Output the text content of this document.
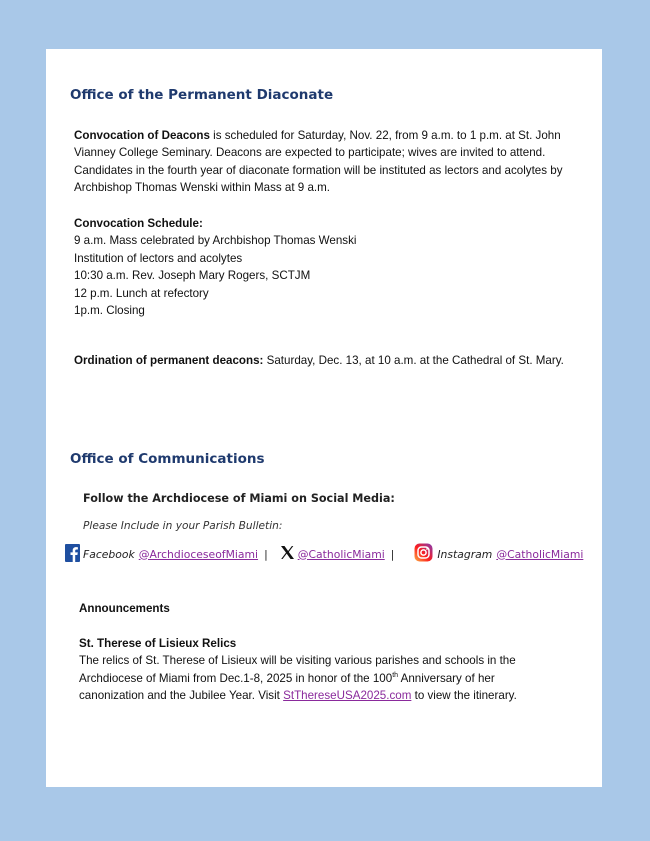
Office of the Permanent Diaconate
Convocation of Deacons is scheduled for Saturday, Nov. 22, from 9 a.m. to 1 p.m. at St. John Vianney College Seminary. Deacons are expected to participate; wives are invited to attend. Candidates in the fourth year of diaconate formation will be instituted as lectors and acolytes by Archbishop Thomas Wenski within Mass at 9 a.m.
Convocation Schedule:
9 a.m. Mass celebrated by Archbishop Thomas Wenski
Institution of lectors and acolytes
10:30 a.m. Rev. Joseph Mary Rogers, SCTJM
12 p.m. Lunch at refectory
1p.m. Closing
Ordination of permanent deacons: Saturday, Dec. 13, at 10 a.m. at the Cathedral of St. Mary.
Office of Communications
Follow the Archdiocese of Miami on Social Media:
Please Include in your Parish Bulletin:
Facebook @ArchdioceseofMiami |	@CatholicMiami |	Instagram @CatholicMiami
Announcements
St. Therese of Lisieux Relics
The relics of St. Therese of Lisieux will be visiting various parishes and schools in the Archdiocese of Miami from Dec.1-8, 2025 in honor of the 100th Anniversary of her canonization and the Jubilee Year. Visit StThereseUSA2025.com to view the itinerary.
